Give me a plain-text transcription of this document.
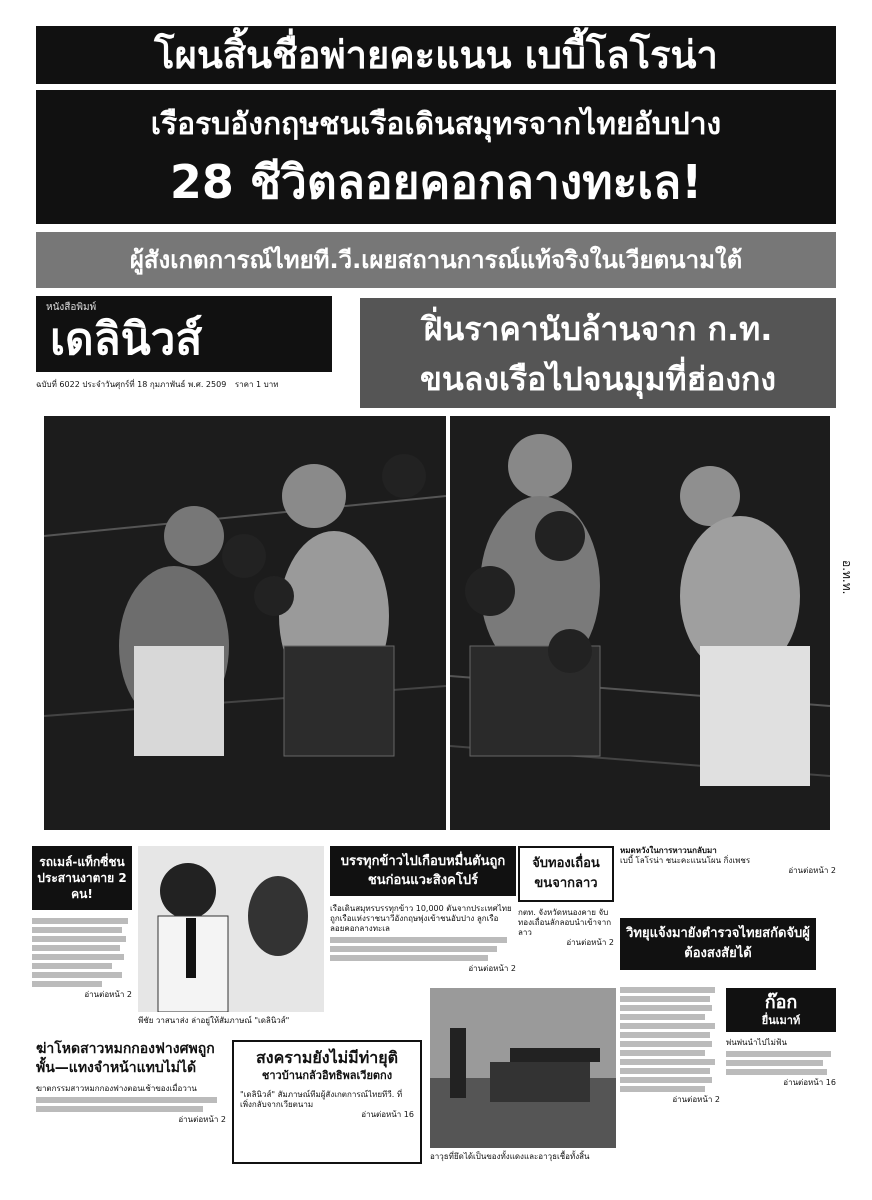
โผนสิ้นชื่อพ่ายคะแนน เบบี้โลโรน่า
เรือรบอังกฤษชนเรือเดินสมุทรจากไทยอับปาง
28 ชีวิตลอยคอกลางทะเล!
ผู้สังเกตการณ์ไทยที.วี.เผยสถานการณ์แท้จริงในเวียตนามใต้
หนังสือพิมพ์
เดลินิวส์
ฉบับที่ 6022 ประจำวันศุกร์ที่ 18 กุมภาพันธ์ พ.ศ. 2509 ราคา 1 บาท
ฝิ่นราคานับล้านจาก ก.ท.
ขนลงเรือไปจนมุมที่ฮ่องกง
อ.ท.ท.
รถเมล์-แท็กซี่ชนประสานงาตาย 2 คน!
อ่านต่อหน้า 2
พีชัย วาสนาส่ง ล่าอยู่ให้สัมภาษณ์ "เดลินิวส์"
บรรทุกข้าวไปเกือบหมื่นตันถูกชนก่อนแวะสิงคโปร์
เรือเดินสมุทรบรรทุกข้าว 10,000 ตันจากประเทศไทย ถูกเรือแห่งราชนาวีอังกฤษพุ่งเข้าชนอับปาง ลูกเรือลอยคอกลางทะเล
อ่านต่อหน้า 2
จับทองเถื่อนขนจากลาว
กตท. จังหวัดหนองคาย จับทองเถื่อนลักลอบนำเข้าจากลาว
อ่านต่อหน้า 2
หมดหวังในการหาวนกลับมา
เบบี้ โลโรน่า ชนะคะแนนโผน กิ่งเพชร
อ่านต่อหน้า 2
วิทยุแจ้งมายังตำรวจไทยสกัดจับผู้ต้องสงสัยได้
ฆ่าโหดสาวหมกกองฟางศพถูกพั้น—แทงจำหน้าแทบไม่ได้
ฆาตกรรมสาวหมกกองฟางตอนเช้าของเมื่อวาน
อ่านต่อหน้า 2
สงครามยังไม่มีท่ายุติ
ชาวบ้านกลัวอิทธิพลเวียตกง
"เดลินิวส์" สัมภาษณ์ทีมผู้สังเกตการณ์ไทยทีวี. ที่เพิ่งกลับจากเวียตนาม
อ่านต่อหน้า 16
อาวุธที่ยึดได้เป็นของทั้งแดงและอาวุธเชื้อทั้งสิ้น
อ่านต่อหน้า 2
ก๊อก
ยื่นเมาท์
พ่นพ่นนำไปไม่ฟ้น
อ่านต่อหน้า 16
